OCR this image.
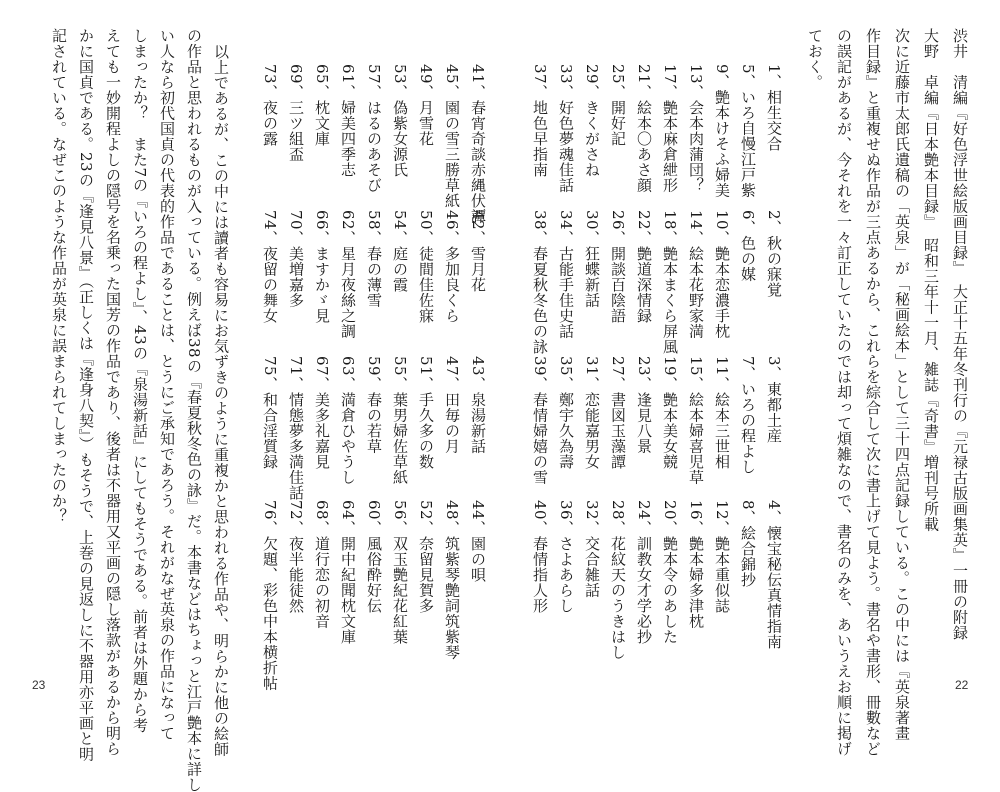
渋井　清編『好色浮世絵版画目録』　大正十五年冬刊行の『元禄古版画集英』一冊の附録
大野　卓編『日本艶本目録』　昭和三年十一月、雑誌『奇書』増刊号所載
次に近藤市太郎氏遺稿の「英泉」が「秘画絵本」として三十四点記録している。この中には『英泉著畫
作目録』と重複せぬ作品が三点あるから、これらを綜合して次に書上げて見よう。書名や書形、冊數など
の誤記があるが、今それを一々訂正していたのでは却って煩雑なので、書名のみを、あいうえお順に掲げ
ておく。
1、相生交合
5、いろ自慢江戸紫
9、艶本けそふ婦美
13、会本肉蒲団？
17、艶本麻倉紲形
21、絵本〇あさ顔
25、開好記
29、きくがさね
33、好色夢魂佳話
37、地色早指南
2、秋の寐覚
6、色の媒
10、艶本恋濃手枕
14、絵本花野家満
18、艶本まくら屏風
22、艶道深情録
26、開談百陰語
30、狂蝶新話
34、古能手佳史話
38、春夏秋冬色の詠
3、東都土産
7、いろの程よし
11、絵本三世相
15、絵本婦喜児草
19、艶本美女競
23、逢見八景
27、書図玉藻譚
31、恋能嘉男女
35、鄭宇久為壽
39、春情婦嬉の雪
4、懐宝秘伝真情指南
8、絵合錦抄
12、艶本重似誌
16、艶本婦多津枕
20、艶本令のあした
24、訓教女才学必抄
28、花紋天のうきはし
32、交合雑話
36、さよあらし
40、春情指人形
22
41、春宵奇談赤縄伏譚
45、園の雪三勝草紙
49、月雪花
53、偽紫女源氏
57、はるのあそび
61、婦美四季志
65、枕文庫
69、三ツ組盃
73、夜の露
42、雪月花
46、多加良くら
50、徒間佳佐寐
54、庭の霞
58、春の薄雪
62、星月夜絲之調
66、ますかゞ見
70、美増嘉多
74、夜留の舞女
43、泉湯新話
47、田毎の月
51、手久多の数
55、葉男婦佐草紙
59、春の若草
63、満倉ひやうし
67、美多礼嘉見
71、情態夢多満佳話
75、和合淫質録
44、園の唄
48、筑紫琴艶詞筑紫琴
52、奈留見賀多
56、双玉艶紀花紅葉
60、風俗酔好伝
64、開中紀聞枕文庫
68、道行恋の初音
72、夜半能徒然
76、欠題、彩色中本横折帖
以上であるが、この中には讀者も容易にお気ずきのように重複かと思われる作品や、明らかに他の絵師
の作品と思われるものが入っている。例えば38の『春夏秋冬色の詠』だ。本書などはちょっと江戸艶本に詳し
い人なら初代国貞の代表的作品であることは、とうにご承知であろう。それがなぜ英泉の作品になって
しまったか？　また7の『いろの程よし』、43の『泉湯新話』にしてもそうである。前者は外題から考
えても一妙開程よしの隠号を名乗った国芳の作品であり、後者は不器用又平画の隠し落款があるから明ら
かに国貞である。23の『逢見八景』（正しくは『逢身八契』）もそうで、上巻の見返しに不器用亦平画と明
記されている。なぜこのような作品が英泉に誤まられてしまったのか？
23
